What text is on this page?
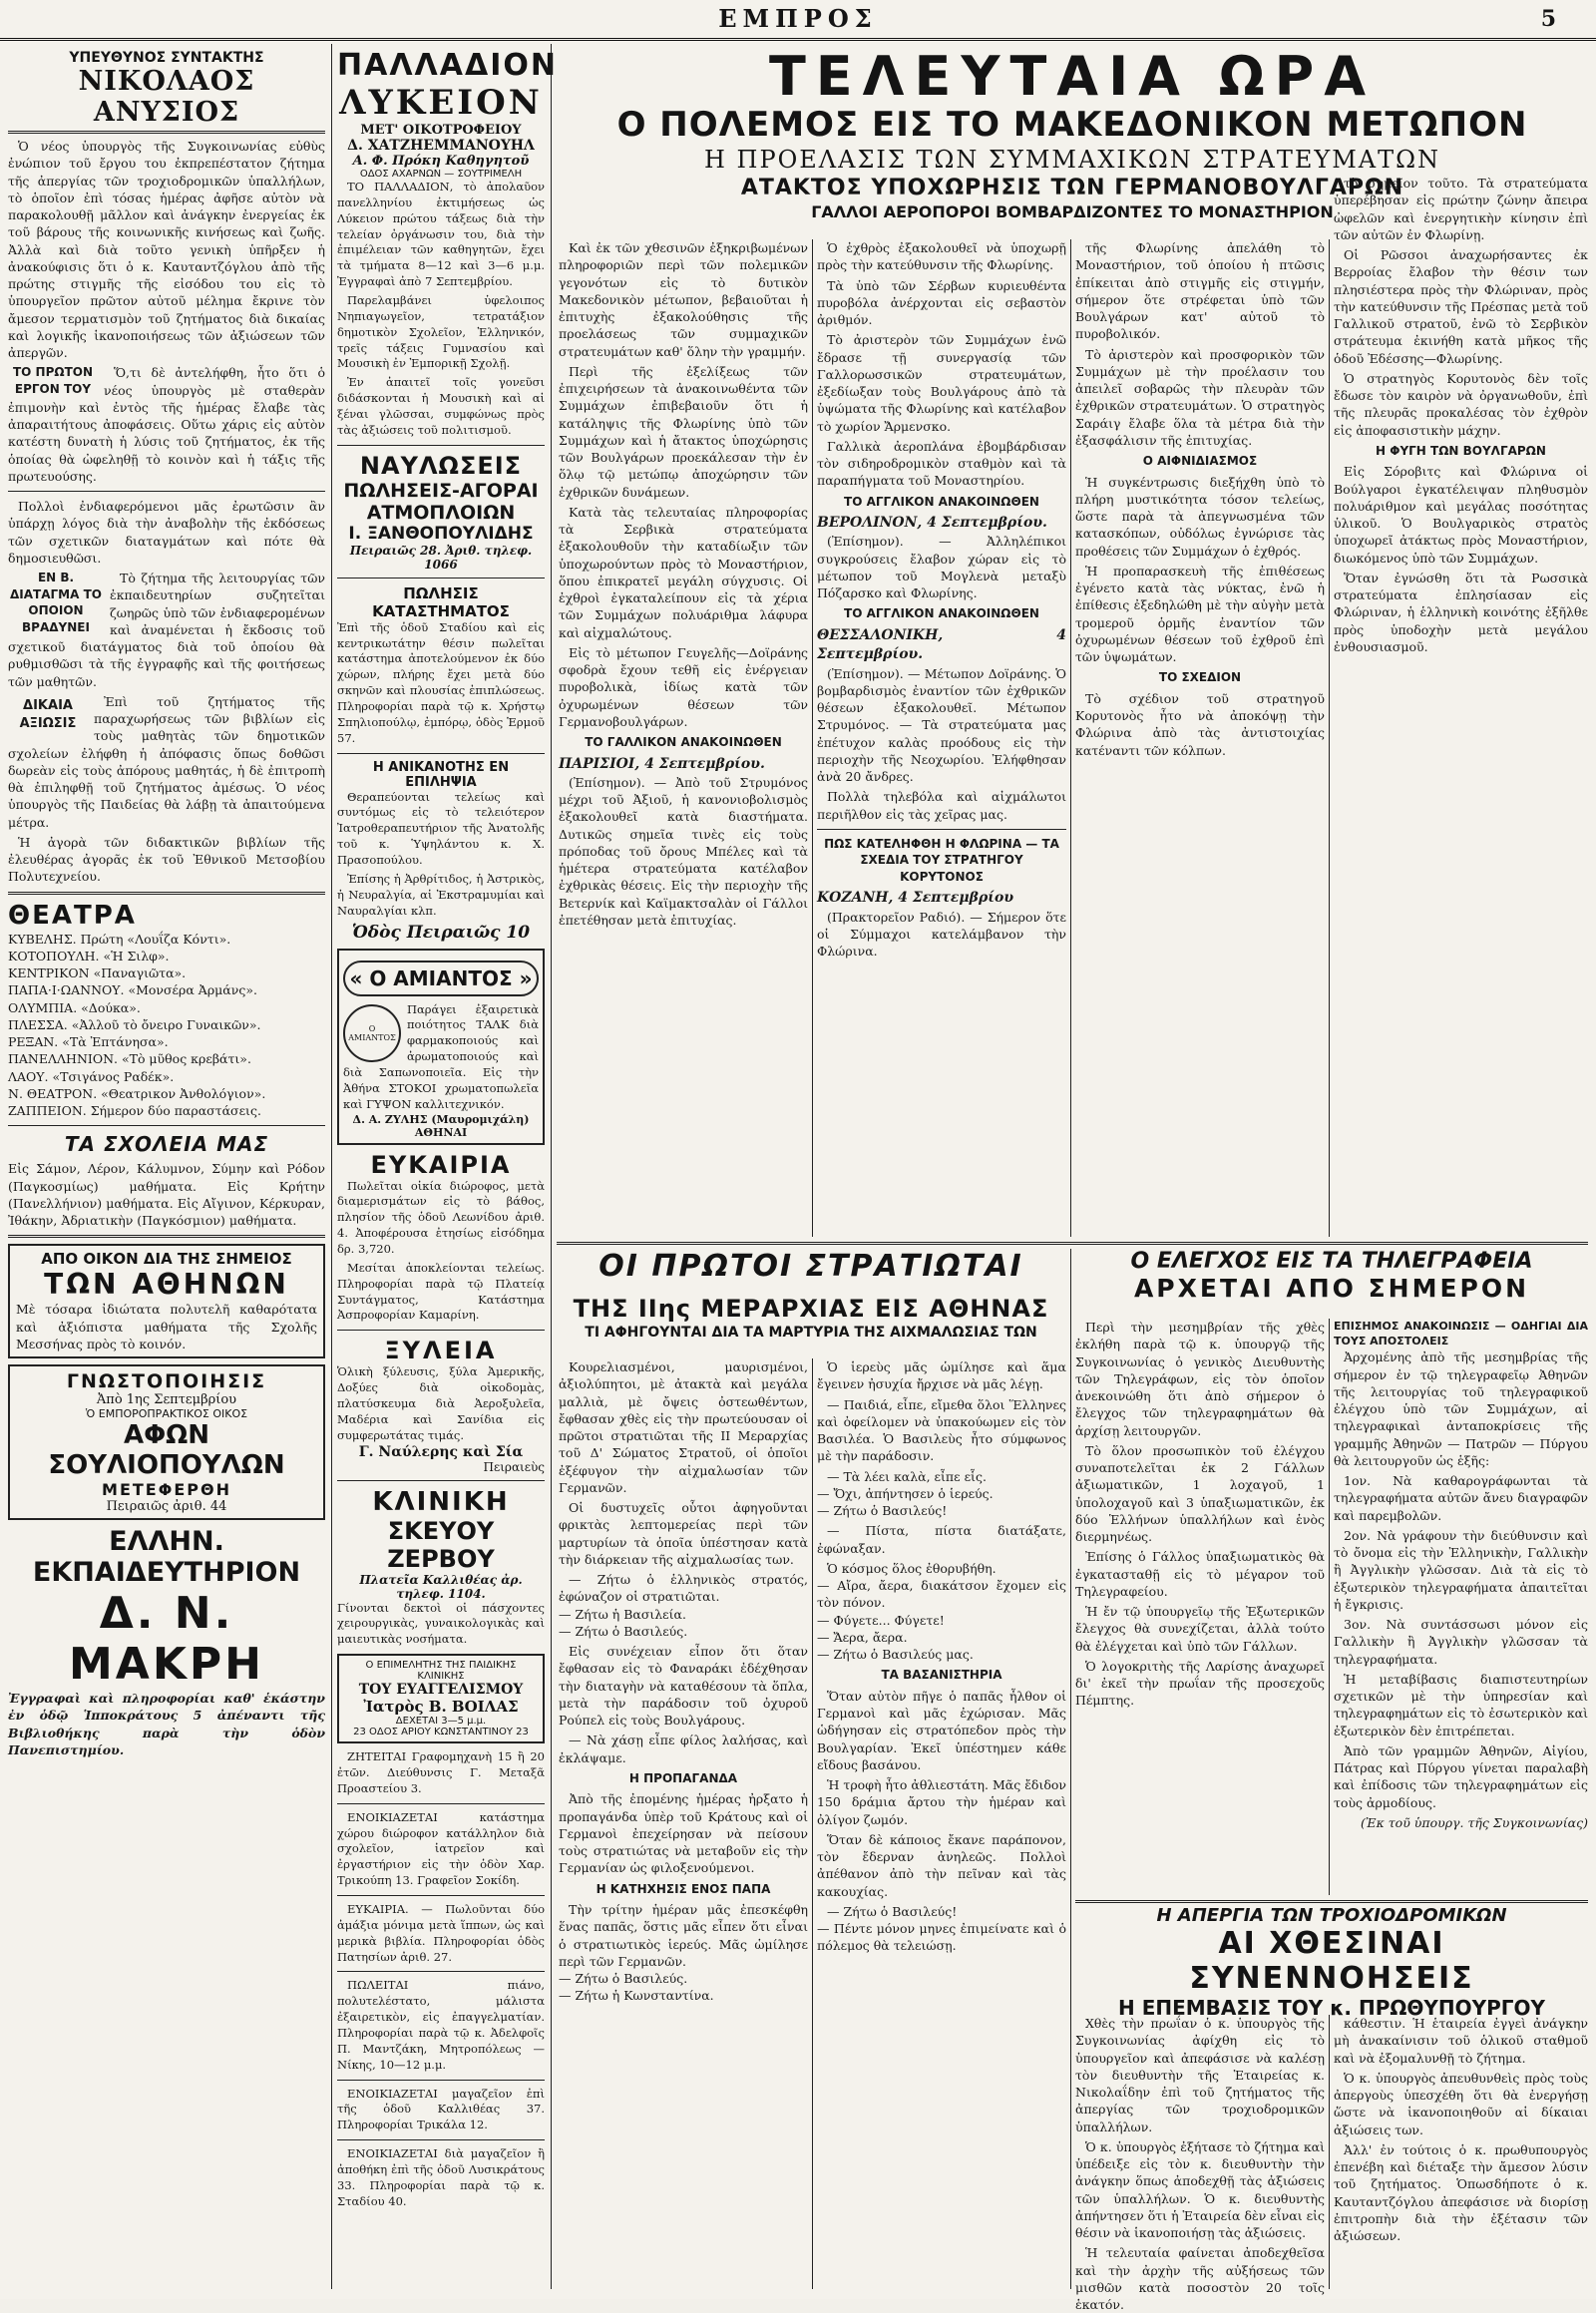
ΕΜΠΡΟΣ	5
ΥΠΕΥΘΥΝΟΣ ΣΥΝΤΑΚΤΗΣ
ΝΙΚΟΛΑΟΣ ΑΝΥΣΙΟΣ

Ὁ νέος ὑπουργὸς τῆς Συγκοινωνίας εὐθὺς ἐνώπιον τοῦ ἔργου του ἐκπρεπέστατον ζήτημα τῆς ἀπεργίας τῶν τροχιοδρομικῶν ὑπαλλήλων, τὸ ὁποῖον ἐπὶ τόσας ἡμέρας ἀφῆσε αὐτὸν νὰ παρακολουθῇ μᾶλλον καὶ ἀνάγκην ἐνεργείας ἐκ τοῦ βάρους τῆς κοινωνικῆς κινήσεως καὶ ζωῆς. Ἀλλὰ καὶ διὰ τοῦτο γενικὴ ὑπῆρξεν ἡ ἀνακούφισις ὅτι ὁ κ. Καυταντζόγλου ἀπὸ τῆς πρώτης στιγμῆς τῆς εἰσόδου του εἰς τὸ ὑπουργεῖον πρῶτον αὐτοῦ μέλημα ἔκρινε τὸν ἄμεσον τερματισμὸν τοῦ ζητήματος διὰ δικαίας καὶ λογικῆς ἱκανοποιήσεως τῶν ἀξιώσεων τῶν ἀπεργῶν.

ΤΟ ΠΡΩΤΟΝ ΕΡΓΟΝ ΤΟΥ

Ὅ,τι δὲ ἀντελήφθη, ἦτο ὅτι ὁ νέος ὑπουργὸς μὲ σταθερὰν ἐπιμονὴν καὶ ἐντὸς τῆς ἡμέρας ἔλαβε τὰς ἀπαραιτήτους ἀποφάσεις. Οὕτω χάρις εἰς αὐτὸν κατέστη δυνατὴ ἡ λύσις τοῦ ζητήματος, ἐκ τῆς ὁποίας θὰ ὠφεληθῇ τὸ κοινὸν καὶ ἡ τάξις τῆς πρωτευούσης.

Πολλοὶ ἐνδιαφερόμενοι μᾶς ἐρωτῶσιν ἂν ὑπάρχῃ λόγος διὰ τὴν ἀναβολὴν τῆς ἐκδόσεως τῶν σχετικῶν διαταγμάτων καὶ πότε θὰ δημοσιευθῶσι.

ΕΝ Β. ΔΙΑΤΑΓΜΑ ΤΟ ΟΠΟΙΟΝ ΒΡΑΔΥΝΕΙ

Τὸ ζήτημα τῆς λειτουργίας τῶν ἐκπαιδευτηρίων συζητεῖται ζωηρῶς ὑπὸ τῶν ἐνδιαφερομένων καὶ ἀναμένεται ἡ ἔκδοσις τοῦ σχετικοῦ διατάγματος διὰ τοῦ ὁποίου θὰ ρυθμισθῶσι τὰ τῆς ἐγγραφῆς καὶ τῆς φοιτήσεως τῶν μαθητῶν.

ΔΙΚΑΙΑ ΑΞΙΩΣΙΣ

Ἐπὶ τοῦ ζητήματος τῆς παραχωρήσεως τῶν βιβλίων εἰς τοὺς μαθητὰς τῶν δημοτικῶν σχολείων ἐλήφθη ἡ ἀπόφασις ὅπως δοθῶσι δωρεὰν εἰς τοὺς ἀπόρους μαθητάς, ἡ δὲ ἐπιτροπὴ θὰ ἐπιληφθῇ τοῦ ζητήματος ἀμέσως. Ὁ νέος ὑπουργὸς τῆς Παιδείας θὰ λάβῃ τὰ ἀπαιτούμενα μέτρα.

Ἡ ἀγορὰ τῶν διδακτικῶν βιβλίων τῆς ἐλευθέρας ἀγορᾶς ἐκ τοῦ Ἐθνικοῦ Μετσοβίου Πολυτεχνείου.

ΘΕΑΤΡΑ
ΚΥΒΕΛΗΣ. Πρώτη «Λουΐζα Κόντι».
ΚΟΤΟΠΟΥΛΗ. «Ἡ Σιλφ».
ΚΕΝΤΡΙΚΟΝ «Παναγιῶτα».
ΠΑΠΑ·Ι·ΩΑΝΝΟΥ. «Μονσέρα Ἀρμάνς».
ΟΛΥΜΠΙΑ. «Δούκα».
ΠΛΕΣΣΑ. «Ἀλλοῦ τὸ ὄνειρο Γυναικῶν».
ΡΕΞΑΝ. «Τὰ Ἐπτάνησα».
ΠΑΝΕΛΛΗΝΙΟΝ. «Τὸ μῦθος κρεβάτι».
ΛΑΟΥ. «Τσιγάνος Ραδέκ».
Ν. ΘΕΑΤΡΟΝ. «Θεατρικον Ἀνθολόγιον».
ΖΑΠΠΕΙΟΝ. Σήμερον δύο παραστάσεις.
ΤΑ ΣΧΟΛΕΙΑ ΜΑΣ
Εἰς Σάμον, Λέρον, Κάλυμνον, Σύμην καὶ Ρόδον (Παγκοσμίως) μαθήματα. Εἰς Κρήτην (Πανελλήνιον) μαθήματα. Εἰς Αἴγινον, Κέρκυραν, Ἰθάκην, Ἀδριατικὴν (Παγκόσμιον) μαθήματα.
ΑΠΟ ΟΙΚΟΝ ΔΙΑ ΤΗΣ ΣΗΜΕΙΟΣ
ΤΩΝ ΑΘΗΝΩΝ
Μὲ τόσαρα ἰδιώτατα πολυτελῆ καθαρότατα καὶ ἀξιόπιστα μαθήματα τῆς Σχολῆς Μεσσήνας πρὸς τὸ κοινόν.
ΓΝΩΣΤΟΠΟΙΗΣΙΣ
Ἀπὸ 1ης Σεπτεμβρίου
Ὁ ΕΜΠΟΡΟΠΡΑΚΤΙΚΟΣ ΟΙΚΟΣ
ΑΦΩΝ ΣΟΥΛΙΟΠΟΥΛΩΝ
ΜΕΤΕΦΕΡΘΗ
Πειραιῶς ἀριθ. 44
ΕΛΛΗΝ. ΕΚΠΑΙΔΕΥΤΗΡΙΟΝ
Δ. Ν. ΜΑΚΡΗ
Ἐγγραφαὶ καὶ πληροφορίαι καθ' ἑκάστην ἐν ὁδῷ Ἱπποκράτους 5 ἀπέναντι τῆς Βιβλιοθήκης παρὰ τὴν ὁδὸν Πανεπιστημίου.
ΠΑΛΛΑΔΙΟΝ
ΛΥΚΕΙΟΝ
ΜΕΤ' ΟΙΚΟΤΡΟΦΕΙΟΥ
Δ. ΧΑΤΖΗΕΜΜΑΝΟΥΗΛ
Α. Φ. Πρόκη Καθηγητοῦ
ΟΔΟΣ ΑΧΑΡΝΩΝ — ΣΟΥΤΡΙΜΕΛΗ

ΤΟ ΠΑΛΛΑΔΙΟΝ, τὸ ἀπολαῦον πανελληνίου ἐκτιμήσεως ὡς Λύκειον πρώτου τάξεως διὰ τὴν τελείαν ὀργάνωσιν του, διὰ τὴν ἐπιμέλειαν τῶν καθηγητῶν, ἔχει τὰ τμήματα 8—12 καὶ 3—6 μ.μ. Ἐγγραφαὶ ἀπὸ 7 Σεπτεμβρίου.

Παρελαμβάνει ὑφελοιπος Νηπιαγωγεῖον, τετρατάξιον δημοτικὸν Σχολεῖον, Ἑλληνικόν, τρεῖς τάξεις Γυμνασίου καὶ Μουσικὴ ἐν Ἐμπορικῇ Σχολῇ.

Ἐν ἀπαιτεῖ τοῖς γονεῦσι διδάσκονται ἡ Μουσικὴ καὶ αἱ ξέναι γλῶσσαι, συμφώνως πρὸς τὰς ἀξιώσεις τοῦ πολιτισμοῦ.

ΝΑΥΛΩΣΕΙΣ
ΠΩΛΗΣΕΙΣ-ΑΓΟΡΑΙ
ΑΤΜΟΠΛΟΙΩΝ
Ι. ΞΑΝΘΟΠΟΥΛΙΔΗΣ
Πειραιῶς 28. Ἀριθ. τηλεφ. 1066
ΠΩΛΗΣΙΣ ΚΑΤΑΣΤΗΜΑΤΟΣ
Ἐπὶ τῆς ὁδοῦ Σταδίου καὶ εἰς κεντρικωτάτην θέσιν πωλεῖται κατάστημα ἀποτελούμενον ἐκ δύο χώρων, πλήρης ἔχει μετὰ δύο σκηνῶν καὶ πλουσίας ἐπιπλώσεως. Πληροφορίαι παρὰ τῷ κ. Χρήστῳ Σπηλιοπούλῳ, ἐμπόρῳ, ὁδὸς Ἑρμοῦ 57.
Η ΑΝΙΚΑΝΟΤΗΣ ΕΝ ΕΠΙΛΗΨΙΑ

Θεραπεύονται τελείως καὶ συντόμως εἰς τὸ τελειότερον Ἰατροθεραπευτήριον τῆς Ἀνατολῆς τοῦ κ. Ὑψηλάντου κ. Χ. Πρασοπούλου.

Ἐπίσης ἡ Ἀρθρίτιδος, ἡ Ἀστρικὸς, ἡ Νευραλγία, αἱ Ἐκστραμυμίαι καὶ Ναυραλγίαι κλπ.

Ὁδὸς Πειραιῶς 10
« Ο ΑΜΙΑΝΤΟΣ »
Ο ΑΜΙΑΝΤΟΣ
Παράγει ἐξαιρετικὰ ποιότητος ΤΑΛΚ διὰ φαρμακοποιούς καὶ ἀρωματοποιούς καὶ διὰ Σαπωνοποιεῖα. Εἰς τὴν Ἀθήνα ΣΤΟΚΟΙ χρωματοπωλεῖα καὶ ΓΥΨΟΝ καλλιτεχνικόν.
Δ. Α. ΖΥΛΗΣ (Μαυρομιχάλη) ΑΘΗΝΑΙ
ΕΥΚΑΙΡΙΑ

Πωλεῖται οἰκία διώροφος, μετὰ διαμερισμάτων εἰς τὸ βάθος, πλησίον τῆς ὁδοῦ Λεωνίδου ἀριθ. 4. Ἀποφέρουσα ἐτησίως εἰσόδημα δρ. 3,720.

Μεσίται ἀποκλείονται τελείως. Πληροφορίαι παρὰ τῷ Πλατείᾳ Συντάγματος, Κατάστημα Ἀσπροφορίαν Καμαρίνη.

ΞΥΛΕΙΑ
Ὁλικὴ ξύλευσις, ξύλα Ἀμερικῆς, Δοξύες διὰ οἰκοδομὰς, πλατύσκευμα διὰ Ἀεροξυλεῖα, Μαδέρια καὶ Σανίδια εἰς συμφερωτάτας τιμάς.
Γ. Ναύλερης καὶ Σία
Πειραιεὺς
ΚΛΙΝΙΚΗ
ΣΚΕΥΟΥ ΖΕΡΒΟΥ
Πλατεῖα Καλλιθέας ἀρ. τηλεφ. 1104.
Γίνονται δεκτοὶ οἱ πάσχοντες χειρουργικὰς, γυναικολογικὰς καὶ μαιευτικὰς νοσήματα.
Ο ΕΠΙΜΕΛΗΤΗΣ ΤΗΣ ΠΑΙΔΙΚΗΣ ΚΛΙΝΙΚΗΣ
ΤΟΥ ΕΥΑΓΓΕΛΙΣΜΟΥ
Ἰατρὸς Β. ΒΟΙΛΑΣ
ΔΕΧΕΤΑΙ 3—5 μ.μ.
23 ΟΔΟΣ ΑΡΙΟΥ ΚΩΝΣΤΑΝΤΙΝΟΥ 23

ΖΗΤΕΙΤΑΙ Γραφομηχανὴ 15 ἢ 20 ἐτῶν. Διεύθυνσις Γ. Μεταξᾶ Προαστείου 3.

ΕΝΟΙΚΙΑΖΕΤΑΙ κατάστημα χώρου διώροφον κατάλληλον διὰ σχολεῖον, ἰατρεῖον καὶ ἐργαστήριον εἰς τὴν ὁδὸν Χαρ. Τρικούπη 13. Γραφεῖον Σοκίδη.

ΕΥΚΑΙΡΙΑ. — Πωλοῦνται δύο ἀμάξια μόνιμα μετὰ ἵππων, ὡς καὶ μερικὰ βιβλία. Πληροφορίαι ὁδὸς Πατησίων ἀριθ. 27.

ΠΩΛΕΙΤΑΙ πιάνο, πολυτελέστατο, μάλιστα ἐξαιρετικὸν, εἰς ἐπαγγελματίαν. Πληροφορίαι παρὰ τῷ κ. Ἀδελφοῖς Π. Μαντζάκη, Μητροπόλεως — Νίκης, 10—12 μ.μ.

ΕΝΟΙΚΙΑΖΕΤΑΙ μαγαζεῖον ἐπὶ τῆς ὁδοῦ Καλλιθέας 37. Πληροφορίαι Τρικάλα 12.

ΕΝΟΙΚΙΑΖΕΤΑΙ διὰ μαγαζεῖον ἢ ἀποθήκη ἐπὶ τῆς ὁδοῦ Λυσικράτους 33. Πληροφορίαι παρὰ τῷ κ. Σταδίου 40.

ΤΕΛΕΥΤΑΙΑ ΩΡΑ
Ο ΠΟΛΕΜΟΣ ΕΙΣ ΤΟ ΜΑΚΕΔΟΝΙΚΟΝ ΜΕΤΩΠΟΝ
Η ΠΡΟΕΛΑΣΙΣ ΤΩΝ ΣΥΜΜΑΧΙΚΩΝ ΣΤΡΑΤΕΥΜΑΤΩΝ
ΑΤΑΚΤΟΣ ΥΠΟΧΩΡΗΣΙΣ ΤΩΝ ΓΕΡΜΑΝΟΒΟΥΛΓΑΡΩΝ
ΓΑΛΛΟΙ ΑΕΡΟΠΟΡΟΙ ΒΟΜΒΑΡΔΙΖΟΝΤΕΣ ΤΟ ΜΟΝΑΣΤΗΡΙΟΝ

Καὶ ἐκ τῶν χθεσινῶν ἐξηκριβωμένων πληροφοριῶν περὶ τῶν πολεμικῶν γεγονότων εἰς τὸ δυτικὸν Μακεδονικὸν μέτωπον, βεβαιοῦται ἡ ἐπιτυχὴς ἐξακολούθησις τῆς προελάσεως τῶν συμμαχικῶν στρατευμάτων καθ' ὅλην τὴν γραμμήν.

Περὶ τῆς ἐξελίξεως τῶν ἐπιχειρήσεων τὰ ἀνακοινωθέντα τῶν Συμμάχων ἐπιβεβαιοῦν ὅτι ἡ κατάληψις τῆς Φλωρίνης ὑπὸ τῶν Συμμάχων καὶ ἡ ἄτακτος ὑποχώρησις τῶν Βουλγάρων προεκάλεσαν τὴν ἐν ὅλῳ τῷ μετώπῳ ἀποχώρησιν τῶν ἐχθρικῶν δυνάμεων.

Κατὰ τὰς τελευταίας πληροφορίας τὰ Σερβικὰ στρατεύματα ἐξακολουθοῦν τὴν καταδίωξιν τῶν ὑποχωρούντων πρὸς τὸ Μοναστήριον, ὅπου ἐπικρατεῖ μεγάλη σύγχυσις. Οἱ ἐχθροὶ ἐγκαταλείπουν εἰς τὰ χέρια τῶν Συμμάχων πολυάριθμα λάφυρα καὶ αἰχμαλώτους.

Εἰς τὸ μέτωπον Γευγελῆς—Δοϊράνης σφοδρὰ ἔχουν τεθῆ εἰς ἐνέργειαν πυροβολικὰ, ἰδίως κατὰ τῶν ὀχυρωμένων θέσεων τῶν Γερμανοβουλγάρων.

ΤΟ ΓΑΛΛΙΚΟΝ ΑΝΑΚΟΙΝΩΘΕΝ
ΠΑΡΙΣΙΟΙ, 4 Σεπτεμβρίου.

(Ἐπίσημον). — Ἀπὸ τοῦ Στρυμόνος μέχρι τοῦ Ἀξιοῦ, ἡ κανονιοβολισμὸς ἐξακολουθεῖ κατὰ διαστήματα. Δυτικῶς σημεῖα τινὲς εἰς τοὺς πρόποδας τοῦ ὄρους Μπέλες καὶ τὰ ἡμέτερα στρατεύματα κατέλαβον ἐχθρικὰς θέσεις. Εἰς τὴν περιοχὴν τῆς Βετερνίκ καὶ Καϊμακτσαλὰν οἱ Γάλλοι ἐπετέθησαν μετὰ ἐπιτυχίας.

Ὁ ἐχθρὸς ἐξακολουθεῖ νὰ ὑποχωρῇ πρὸς τὴν κατεύθυνσιν τῆς Φλωρίνης.

Τὰ ὑπὸ τῶν Σέρβων κυριευθέντα πυροβόλα ἀνέρχονται εἰς σεβαστὸν ἀριθμόν.

Τὸ ἀριστερὸν τῶν Συμμάχων ἐνῶ ἔδρασε τῇ συνεργασίᾳ τῶν Γαλλορωσσικῶν στρατευμάτων, ἐξεδίωξαν τοὺς Βουλγάρους ἀπὸ τὰ ὑψώματα τῆς Φλωρίνης καὶ κατέλαβον τὸ χωρίον Ἄρμενσκο.

Γαλλικὰ ἀεροπλάνα ἐβομβάρδισαν τὸν σιδηροδρομικὸν σταθμὸν καὶ τὰ παραπήγματα τοῦ Μοναστηρίου.

ΤΟ ΑΓΓΛΙΚΟΝ ΑΝΑΚΟΙΝΩΘΕΝ
ΒΕΡΟΛΙΝΟΝ, 4 Σεπτεμβρίου.

(Ἐπίσημον). — Ἀλληλέπικοι συγκρούσεις ἔλαβον χώραν εἰς τὸ μέτωπον τοῦ Μογλενὰ μεταξὺ Πόζαρσκο καὶ Φλωρίνης.

ΤΟ ΑΓΓΛΙΚΟΝ ΑΝΑΚΟΙΝΩΘΕΝ
ΘΕΣΣΑΛΟΝΙΚΗ, 4 Σεπτεμβρίου.

(Ἐπίσημον). — Μέτωπον Δοϊράνης. Ὁ βομβαρδισμὸς ἐναντίον τῶν ἐχθρικῶν θέσεων ἐξακολουθεῖ. Μέτωπον Στρυμόνος. — Τὰ στρατεύματα μας ἐπέτυχον καλὰς προόδους εἰς τὴν περιοχὴν τῆς Νεοχωρίου. Ἐλήφθησαν ἀνὰ 20 ἄνδρες.

Πολλὰ τηλεβόλα καὶ αἰχμάλωτοι περιῆλθον εἰς τὰς χεῖρας μας.

ΠΩΣ ΚΑΤΕΛΗΦΘΗ Η ΦΛΩΡΙΝΑ — ΤΑ ΣΧΕΔΙΑ ΤΟΥ ΣΤΡΑΤΗΓΟΥ ΚΟΡΥΤΟΝΟΣ
ΚΟΖΑΝΗ, 4 Σεπτεμβρίου

(Πρακτορεῖον Ραδιό). — Σήμερον ὅτε οἱ Σύμμαχοι κατελάμβανον τὴν Φλώρινα.

τῆς Φλωρίνης ἀπελάθη τὸ Μοναστήριον, τοῦ ὁποίου ἡ πτῶσις ἐπίκειται ἀπὸ στιγμῆς εἰς στιγμήν, σήμερον ὅτε στρέφεται ὑπὸ τῶν Βουλγάρων κατ' αὐτοῦ τὸ πυροβολικόν.

Τὸ ἀριστερὸν καὶ προσφορικὸν τῶν Συμμάχων μὲ τὴν προέλασιν του ἀπειλεῖ σοβαρῶς τὴν πλευρὰν τῶν ἐχθρικῶν στρατευμάτων. Ὁ στρατηγὸς Σαράιγ ἔλαβε ὅλα τὰ μέτρα διὰ τὴν ἐξασφάλισιν τῆς ἐπιτυχίας.

Ο ΑΙΦΝΙΔΙΑΣΜΟΣ

Ἡ συγκέντρωσις διεξήχθη ὑπὸ τὸ πλήρη μυστικότητα τόσον τελείως, ὥστε παρὰ τὰ ἀπεγνωσμένα τῶν κατασκόπων, οὐδόλως ἐγνώρισε τὰς προθέσεις τῶν Συμμάχων ὁ ἐχθρός.

Ἡ προπαρασκευὴ τῆς ἐπιθέσεως ἐγένετο κατὰ τὰς νύκτας, ἐνῶ ἡ ἐπίθεσις ἐξεδηλώθη μὲ τὴν αὐγὴν μετὰ τρομεροῦ ὁρμῆς ἐναντίον τῶν ὀχυρωμένων θέσεων τοῦ ἐχθροῦ ἐπὶ τῶν ὑψωμάτων.

ΤΟ ΣΧΕΔΙΟΝ

Τὸ σχέδιον τοῦ στρατηγοῦ Κορυτονὸς ἦτο νὰ ἀποκόψῃ τὴν Φλώρινα ἀπὸ τὰς ἀντιστοιχίας κατέναντι τῶν κόλπων.

τὸ σημεῖον τοῦτο. Τὰ στρατεύματα ὑπερέβησαν εἰς πρώτην ζώνην ἄπειρα ὠφελῶν καὶ ἐνεργητικὴν κίνησιν ἐπὶ τῶν αὐτῶν ἐν Φλωρίνῃ.

Οἱ Ρῶσσοι ἀναχωρήσαντες ἐκ Βερροίας ἔλαβον τὴν θέσιν των πλησιέστερα πρὸς τὴν Φλώριναν, πρὸς τὴν κατεύθυνσιν τῆς Πρέσπας μετὰ τοῦ Γαλλικοῦ στρατοῦ, ἐνῶ τὸ Σερβικὸν στράτευμα ἐκινήθη κατὰ μῆκος τῆς ὁδοῦ Ἐδέσσης—Φλωρίνης.

Ὁ στρατηγὸς Κορυτονὸς δὲν τοῖς ἔδωσε τὸν καιρὸν νὰ ὀργανωθοῦν, ἐπὶ τῆς πλευρᾶς προκαλέσας τὸν ἐχθρὸν εἰς ἀποφασιστικὴν μάχην.

Η ΦΥΓΗ ΤΩΝ ΒΟΥΛΓΑΡΩΝ

Εἰς Σόροβιτς καὶ Φλώρινα οἱ Βούλγαροι ἐγκατέλειψαν πληθυσμὸν πολυάριθμον καὶ μεγάλας ποσότητας ὑλικοῦ. Ὁ Βουλγαρικὸς στρατὸς ὑποχωρεῖ ἀτάκτως πρὸς Μοναστήριον, διωκόμενος ὑπὸ τῶν Συμμάχων.

Ὅταν ἐγνώσθη ὅτι τὰ Ρωσσικὰ στρατεύματα ἐπλησίασαν εἰς Φλώριναν, ἡ ἑλληνικὴ κοινότης ἐξῆλθε πρὸς ὑποδοχὴν μετὰ μεγάλου ἐνθουσιασμοῦ.

ΟΙ ΠΡΩΤΟΙ ΣΤΡΑΤΙΩΤΑΙ
ΤΗΣ ΙΙης ΜΕΡΑΡΧΙΑΣ ΕΙΣ ΑΘΗΝΑΣ
ΤΙ ΑΦΗΓΟΥΝΤΑΙ ΔΙΑ ΤΑ ΜΑΡΤΥΡΙΑ ΤΗΣ ΑΙΧΜΑΛΩΣΙΑΣ ΤΩΝ

Κουρελιασμένοι, μαυρισμένοι, ἀξιολύπητοι, μὲ ἀτακτὰ καὶ μεγάλα μαλλιὰ, μὲ ὄψεις ὀστεωθέντων, ἔφθασαν χθὲς εἰς τὴν πρωτεύουσαν οἱ πρῶτοι στρατιῶται τῆς ΙΙ Μεραρχίας τοῦ Δ' Σώματος Στρατοῦ, οἱ ὁποῖοι ἐξέφυγον τὴν αἰχμαλωσίαν τῶν Γερμανῶν.

Οἱ δυστυχεῖς οὗτοι ἀφηγοῦνται φρικτὰς λεπτομερείας περὶ τῶν μαρτυρίων τὰ ὁποῖα ὑπέστησαν κατὰ τὴν διάρκειαν τῆς αἰχμαλωσίας των.

— Ζήτω ὁ ἑλληνικὸς στρατός, ἐφώναζον οἱ στρατιῶται.
— Ζήτω ἡ Βασιλεία.
— Ζήτω ὁ Βασιλεύς.

Εἰς συνέχειαν εἶπον ὅτι ὅταν ἔφθασαν εἰς τὸ Φαναράκι ἐδέχθησαν τὴν διαταγὴν νὰ καταθέσουν τὰ ὅπλα, μετὰ τὴν παράδοσιν τοῦ ὀχυροῦ Ρούπελ εἰς τοὺς Βουλγάρους.

— Νὰ χάσῃ εἶπε φίλος λαλήσας, καὶ ἐκλάψαμε.

Η ΠΡΟΠΑΓΑΝΔΑ

Ἀπὸ τῆς ἐπομένης ἡμέρας ἠρξατο ἡ προπαγάνδα ὑπὲρ τοῦ Κράτους καὶ οἱ Γερμανοὶ ἐπεχείρησαν νὰ πείσουν τοὺς στρατιώτας νὰ μεταβοῦν εἰς τὴν Γερμανίαν ὡς φιλοξενούμενοι.

Η ΚΑΤΗΧΗΣΙΣ ΕΝΟΣ ΠΑΠΑ

Τὴν τρίτην ἡμέραν μᾶς ἐπεσκέφθη ἕνας παπᾶς, ὅστις μᾶς εἶπεν ὅτι εἶναι ὁ στρατιωτικὸς ἱερεύς. Μᾶς ὡμίλησε περὶ τῶν Γερμανῶν.
— Ζήτω ὁ Βασιλεύς.
— Ζήτω ἡ Κωνσταντίνα.

Ὁ ἱερεὺς μᾶς ὡμίλησε καὶ ἅμα ἔγεινεν ἠσυχία ἤρχισε νὰ μᾶς λέγῃ.

— Παιδιά, εἶπε, εἴμεθα ὅλοι Ἕλληνες καὶ ὀφείλομεν νὰ ὑπακούωμεν εἰς τὸν Βασιλέα. Ὁ Βασιλεὺς ἦτο σύμφωνος μὲ τὴν παράδοσιν.

— Τὰ λέει καλὰ, εἶπε εἷς.
— Ὄχι, ἀπήντησεν ὁ ἱερεύς.
— Ζήτω ὁ Βασιλεύς!

— Πίστα, πίστα διατάξατε, ἐφώναξαν.

Ὁ κόσμος ὅλος ἐθορυβήθη.
— Αἴρα, ἄερα, διακάτσον ἔχομεν εἰς τὸν πόνον.
— Φύγετε... Φύγετε!
— Ἄερα, ἄερα.
— Ζήτω ὁ Βασιλεύς μας.

ΤΑ ΒΑΣΑΝΙΣΤΗΡΙΑ

Ὅταν αὐτὸν πῆγε ὁ παπᾶς ἦλθον οἱ Γερμανοὶ καὶ μᾶς ἐχώρισαν. Μᾶς ὡδήγησαν εἰς στρατόπεδον πρὸς τὴν Βουλγαρίαν. Ἐκεῖ ὑπέστημεν κάθε εἴδους βασάνου.

Ἡ τροφὴ ἦτο ἀθλιεστάτη. Μᾶς ἔδιδον 150 δράμια ἄρτου τὴν ἡμέραν καὶ ὀλίγον ζωμόν.

Ὅταν δὲ κάποιος ἔκανε παράπονον, τὸν ἔδερναν ἀνηλεῶς. Πολλοὶ ἀπέθανον ἀπὸ τὴν πεῖναν καὶ τὰς κακουχίας.

— Ζήτω ὁ Βασιλεύς!
— Πέντε μόνον μηνες ἐπιμείνατε καὶ ὁ πόλεμος θὰ τελειώσῃ.

Ο ΕΛΕΓΧΟΣ ΕΙΣ ΤΑ ΤΗΛΕΓΡΑΦΕΙΑ
ΑΡΧΕΤΑΙ ΑΠΟ ΣΗΜΕΡΟΝ

Περὶ τὴν μεσημβρίαν τῆς χθὲς ἐκλήθη παρὰ τῷ κ. ὑπουργῷ τῆς Συγκοινωνίας ὁ γενικὸς Διευθυντὴς τῶν Τηλεγράφων, εἰς τὸν ὁποῖον ἀνεκοινώθη ὅτι ἀπὸ σήμερον ὁ ἔλεγχος τῶν τηλεγραφημάτων θὰ ἀρχίσῃ λειτουργῶν.

Τὸ ὅλον προσωπικὸν τοῦ ἐλέγχου συναποτελεῖται ἐκ 2 Γάλλων ἀξιωματικῶν, 1 λοχαγοῦ, 1 ὑπολοχαγοῦ καὶ 3 ὑπαξιωματικῶν, ἐκ δύο Ἑλλήνων ὑπαλλήλων καὶ ἑνὸς διερμηνέως.

Ἐπίσης ὁ Γάλλος ὑπαξιωματικὸς θὰ ἐγκατασταθῇ εἰς τὸ μέγαρον τοῦ Τηλεγραφείου.

Ἡ ἔν τῷ ὑπουργεῖῳ τῆς Ἐξωτερικῶν ἔλεγχος θὰ συνεχίζεται, ἀλλὰ τούτο θὰ ἐλέγχεται καὶ ὑπὸ τῶν Γάλλων.

Ὁ λογοκριτὴς τῆς Λαρίσης ἀναχωρεῖ δι' ἐκεῖ τὴν πρωΐαν τῆς προσεχοῦς Πέμπτης.

ΕΠΙΣΗΜΟΣ ΑΝΑΚΟΙΝΩΣΙΣ — ΟΔΗΓΙΑΙ ΔΙΑ ΤΟΥΣ ΑΠΟΣΤΟΛΕΙΣ

Ἀρχομένης ἀπὸ τῆς μεσημβρίας τῆς σήμερον ἐν τῷ τηλεγραφεῖῳ Ἀθηνῶν τῆς λειτουργίας τοῦ τηλεγραφικοῦ ἐλέγχου ὑπὸ τῶν Συμμάχων, αἱ τηλεγραφικαὶ ἀνταποκρίσεις τῆς γραμμῆς Ἀθηνῶν — Πατρῶν — Πύργου θὰ λειτουργοῦν ὡς ἑξῆς:

1ον. Νὰ καθαρογράφωνται τὰ τηλεγραφήματα αὐτῶν ἄνευ διαγραφῶν καὶ παρεμβολῶν.

2ον. Νὰ γράφουν τὴν διεύθυνσιν καὶ τὸ ὄνομα εἰς τὴν Ἑλληνικὴν, Γαλλικὴν ἢ Ἀγγλικὴν γλῶσσαν. Διὰ τὰ εἰς τὸ ἐξωτερικὸν τηλεγραφήματα ἀπαιτεῖται ἡ ἔγκρισις.

3ον. Νὰ συντάσσωσι μόνον εἰς Γαλλικὴν ἢ Ἀγγλικὴν γλῶσσαν τὰ τηλεγραφήματα.

Ἡ μεταβίβασις διαπιστευτηρίων σχετικῶν μὲ τὴν ὑπηρεσίαν καὶ τηλεγραφημάτων εἰς τὸ ἐσωτερικὸν καὶ ἐξωτερικὸν δὲν ἐπιτρέπεται.

Ἀπὸ τῶν γραμμῶν Ἀθηνῶν, Αἰγίου, Πάτρας καὶ Πύργου γίνεται παραλαβὴ καὶ ἐπίδοσις τῶν τηλεγραφημάτων εἰς τοὺς ἀρμοδίους.

(Ἐκ τοῦ ὑπουργ. τῆς Συγκοινωνίας)
Η ΑΠΕΡΓΙΑ ΤΩΝ ΤΡΟΧΙΟΔΡΟΜΙΚΩΝ
ΑΙ ΧΘΕΣΙΝΑΙ ΣΥΝΕΝΝΟΗΣΕΙΣ
Η ΕΠΕΜΒΑΣΙΣ ΤΟΥ κ. ΠΡΩΘΥΠΟΥΡΓΟΥ

Χθὲς τὴν πρωΐαν ὁ κ. ὑπουργὸς τῆς Συγκοινωνίας ἀφίχθη εἰς τὸ ὑπουργεῖον καὶ ἀπεφάσισε νὰ καλέσῃ τὸν διευθυντὴν τῆς Ἑταιρείας κ. Νικολαΐδην ἐπὶ τοῦ ζητήματος τῆς ἀπεργίας τῶν τροχιοδρομικῶν ὑπαλλήλων.

Ὁ κ. ὑπουργὸς ἐξήτασε τὸ ζήτημα καὶ ὑπέδειξε εἰς τὸν κ. διευθυντὴν τὴν ἀνάγκην ὅπως ἀποδεχθῇ τὰς ἀξιώσεις τῶν ὑπαλλήλων. Ὁ κ. διευθυντὴς ἀπήντησεν ὅτι ἡ Ἑταιρεία δὲν εἶναι εἰς θέσιν νὰ ἱκανοποιήσῃ τὰς ἀξιώσεις.

Ἡ τελευταία φαίνεται ἀποδεχθεῖσα καὶ τὴν ἀρχὴν τῆς αὐξήσεως τῶν μισθῶν κατὰ ποσοστὸν 20 τοῖς ἑκατόν.

κάθεστιν. Ἡ ἑταιρεία ἐγγεὶ ἀνάγκην μὴ ἀνακαίνισιν τοῦ ὁλικοῦ σταθμοῦ καὶ νὰ ἐξομαλυνθῇ τὸ ζήτημα.

Ὁ κ. ὑπουργὸς ἀπευθυνθεὶς πρὸς τοὺς ἀπεργοὺς ὑπεσχέθη ὅτι θὰ ἐνεργήσῃ ὥστε νὰ ἱκανοποιηθοῦν αἱ δίκαιαι ἀξιώσεις των.

Ἀλλ' ἐν τούτοις ὁ κ. πρωθυπουργὸς ἐπενέβη καὶ διέταξε τὴν ἄμεσον λύσιν τοῦ ζητήματος. Ὁπωσδήποτε ὁ κ. Καυταντζόγλου ἀπεφάσισε νὰ διορίσῃ ἐπιτροπὴν διὰ τὴν ἐξέτασιν τῶν ἀξιώσεων.
